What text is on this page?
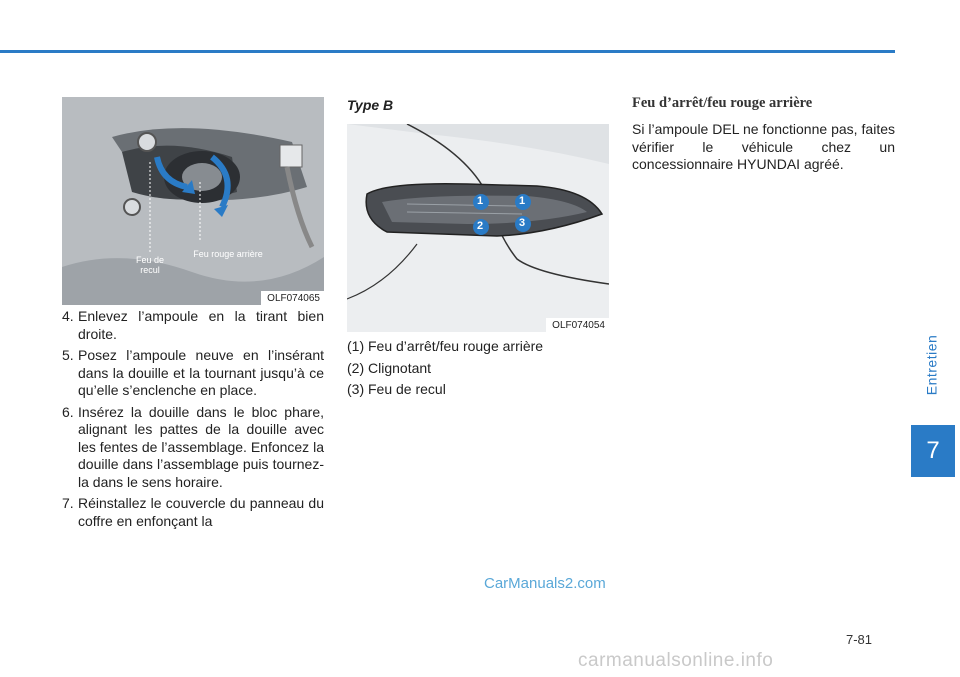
Entretien
7
Feu de
recul
Feu rouge arrière
OLF074065
4. Enlevez l’ampoule en la tirant bien droite.
5. Posez l’ampoule neuve en l’insérant dans la douille et la tournant jusqu’à ce qu’elle s’enclenche en place.
6. Insérez la douille dans le bloc phare, alignant les pattes de la douille avec les fentes de l’assemblage. Enfoncez la douille dans l’assemblage puis tournez-la dans le sens horaire.
7. Réinstallez le couvercle du panneau du coffre en enfonçant la
Type B
1	1
2	3
OLF074054
(1) Feu d’arrêt/feu rouge arrière
(2) Clignotant
(3) Feu de recul
Feu d’arrêt/feu rouge arrière

Si l’ampoule DEL ne fonctionne pas, faites vérifier le véhicule chez un concessionnaire HYUNDAI agréé.

CarManuals2.com
7-81
carmanualsonline.info
